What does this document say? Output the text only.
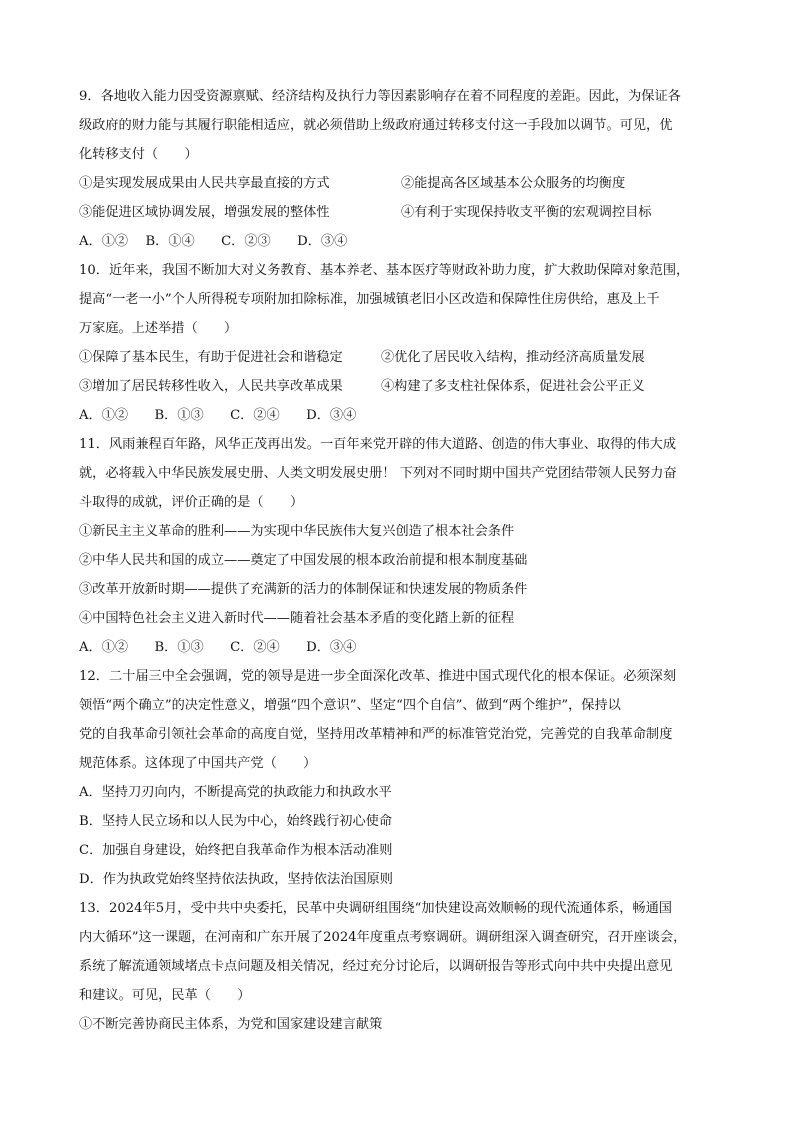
9．各地收入能力因受资源禀赋、经济结构及执行力等因素影响存在着不同程度的差距。因此，为保证各
级政府的财力能与其履行职能相适应，就必须借助上级政府通过转移支付这一手段加以调节。可见，优
化转移支付（　　）
①是实现发展成果由人民共享最直接的方式	②能提高各区域基本公众服务的均衡度
③能促进区域协调发展，增强发展的整体性	④有利于实现保持收支平衡的宏观调控目标
A．①②　 B．①④　　C．②③　　D．③④
10．近年来，我国不断加大对义务教育、基本养老、基本医疗等财政补助力度，扩大救助保障对象范围，
提高“一老一小”个人所得税专项附加扣除标准，加强城镇老旧小区改造和保障性住房供给，惠及上千
万家庭。上述举措（　　）
①保障了基本民生，有助于促进社会和谐稳定	②优化了居民收入结构，推动经济高质量发展
③增加了居民转移性收入，人民共享改革成果	④构建了多支柱社保体系，促进社会公平正义
A．①②　　B．①③　　C．②④　　D．③④
11．风雨兼程百年路，风华正茂再出发。一百年来党开辟的伟大道路、创造的伟大事业、取得的伟大成
就，必将载入中华民族发展史册、人类文明发展史册！ 下列对不同时期中国共产党团结带领人民努力奋
斗取得的成就，评价正确的是（　　）
①新民主主义革命的胜利——为实现中华民族伟大复兴创造了根本社会条件
②中华人民共和国的成立——奠定了中国发展的根本政治前提和根本制度基础
③改革开放新时期——提供了充满新的活力的体制保证和快速发展的物质条件
④中国特色社会主义进入新时代——随着社会基本矛盾的变化踏上新的征程
A．①②　　B．①③　　C．②④　　D．③④
12．二十届三中全会强调，党的领导是进一步全面深化改革、推进中国式现代化的根本保证。必须深刻
领悟“两个确立”的决定性意义，增强“四个意识”、坚定“四个自信”、做到“两个维护”，保持以
党的自我革命引领社会革命的高度自觉，坚持用改革精神和严的标准管党治党，完善党的自我革命制度
规范体系。这体现了中国共产党（　　）
A．坚持刀刃向内，不断提高党的执政能力和执政水平
B．坚持人民立场和以人民为中心，始终践行初心使命
C．加强自身建设，始终把自我革命作为根本活动准则
D．作为执政党始终坚持依法执政，坚持依法治国原则
13．2024年5月，受中共中央委托，民革中央调研组围绕“加快建设高效顺畅的现代流通体系，畅通国
内大循环”这一课题，在河南和广东开展了2024年度重点考察调研。调研组深入调查研究，召开座谈会，
系统了解流通领域堵点卡点问题及相关情况，经过充分讨论后，以调研报告等形式向中共中央提出意见
和建议。可见，民革（　　）
①不断完善协商民主体系，为党和国家建设建言献策
